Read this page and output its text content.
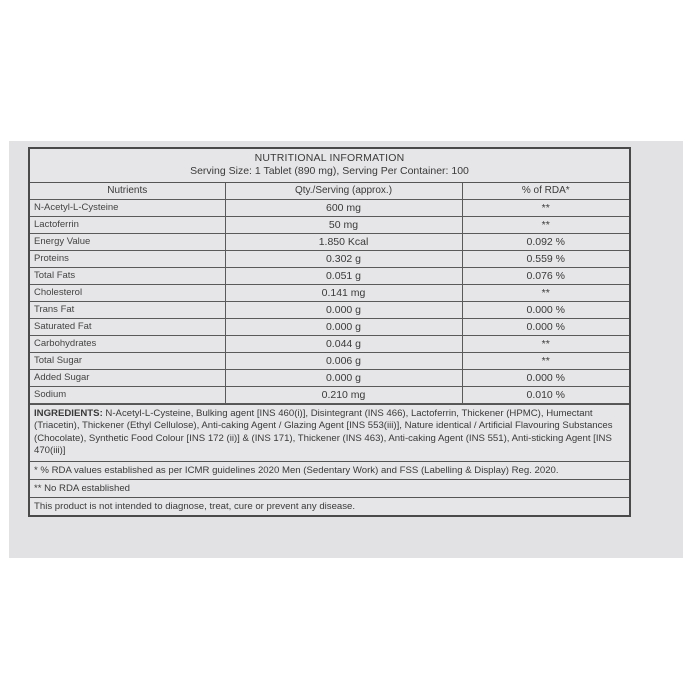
NUTRITIONAL INFORMATION
Serving Size: 1 Tablet (890 mg), Serving Per Container: 100
Nutrients	Qty./Serving (approx.)	% of RDA*
N-Acetyl-L-Cysteine	600 mg	**
Lactoferrin	50 mg	**
Energy Value	1.850 Kcal	0.092 %
Proteins	0.302 g	0.559 %
Total Fats	0.051 g	0.076 %
Cholesterol	0.141 mg	**
Trans Fat	0.000 g	0.000 %
Saturated Fat	0.000 g	0.000 %
Carbohydrates	0.044 g	**
Total Sugar	0.006 g	**
Added Sugar	0.000 g	0.000 %
Sodium	0.210 mg	0.010 %
INGREDIENTS: N-Acetyl-L-Cysteine, Bulking agent [INS 460(i)], Disintegrant (INS 466), Lactoferrin, Thickener (HPMC), Humectant (Triacetin), Thickener (Ethyl Cellulose), Anti-caking Agent / Glazing Agent [INS 553(iii)], Nature identical / Artificial Flavouring Substances (Chocolate), Synthetic Food Colour [INS 172 (ii)] & (INS 171), Thickener (INS 463), Anti-caking Agent (INS 551), Anti-sticking Agent [INS 470(iii)]
* % RDA values established as per ICMR guidelines 2020 Men (Sedentary Work) and FSS (Labelling & Display) Reg. 2020.
** No RDA established
This product is not intended to diagnose, treat, cure or prevent any disease.
